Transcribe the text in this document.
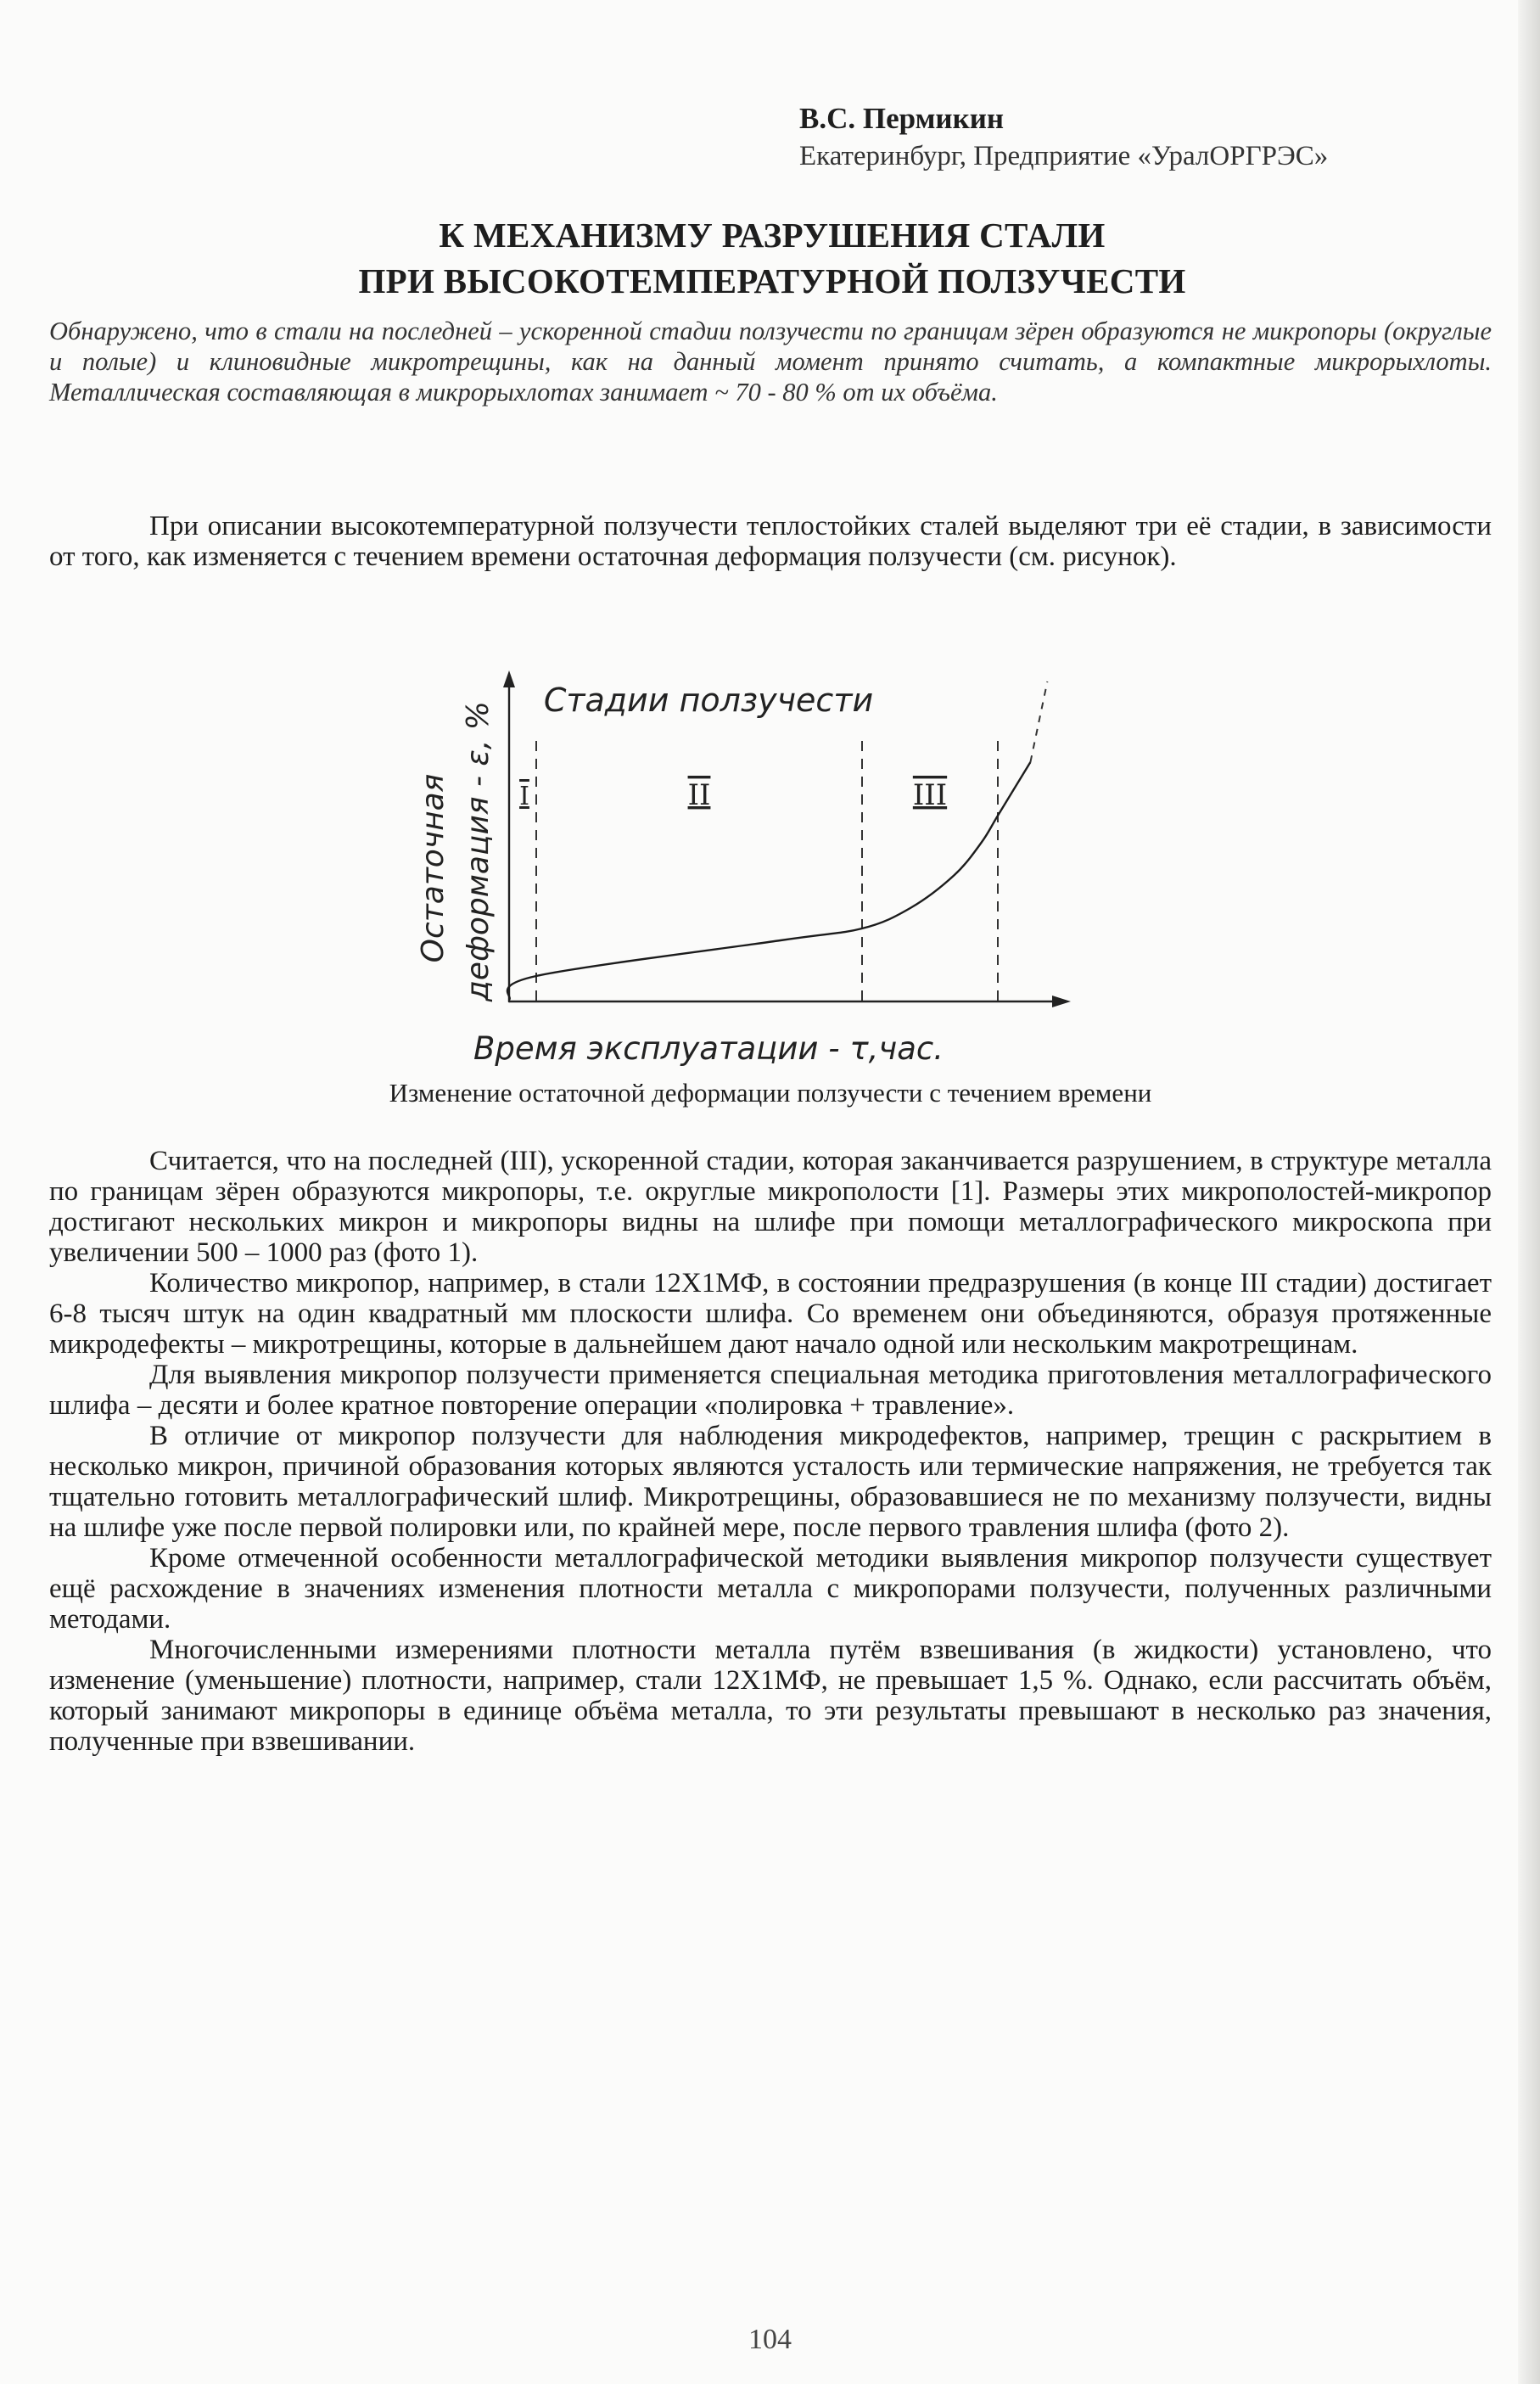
В.С. Пермикин
Екатеринбург, Предприятие «УралОРГРЭС»
К МЕХАНИЗМУ РАЗРУШЕНИЯ СТАЛИ
ПРИ ВЫСОКОТЕМПЕРАТУРНОЙ ПОЛЗУЧЕСТИ
Обнаружено, что в стали на последней – ускоренной стадии ползучести по границам зёрен образуются не микропоры (округлые и полые) и клиновидные микротрещины, как на данный момент принято считать, а компактные микрорыхлоты. Металлическая составляющая в микрорыхлотах занимает ~ 70 - 80 % от их объёма.

При описании высокотемпературной ползучести теплостойких сталей выделяют три её стадии, в зависимости от того, как изменяется с течением времени остаточная деформация ползучести (см. рисунок).

Стадии ползучести
Остаточная деформация - ε, %
Время эксплуатации - τ,час.
I	II	III
Изменение остаточной деформации ползучести с течением времени

Считается, что на последней (III), ускоренной стадии, которая заканчивается разрушением, в структуре металла по границам зёрен образуются микропоры, т.е. округлые микрополости [1]. Размеры этих микрополостей-микропор достигают нескольких микрон и микропоры видны на шлифе при помощи металлографического микроскопа при увеличении 500 – 1000 раз (фото 1).

Количество микропор, например, в стали 12Х1МФ, в состоянии предразрушения (в конце III стадии) достигает 6-8 тысяч штук на один квадратный мм плоскости шлифа. Со временем они объединяются, образуя протяженные микродефекты – микротрещины, которые в дальнейшем дают начало одной или нескольким макротрещинам.

Для выявления микропор ползучести применяется специальная методика приготовления металлографического шлифа – десяти и более кратное повторение операции «полировка + травление».

В отличие от микропор ползучести для наблюдения микродефектов, например, трещин с раскрытием в несколько микрон, причиной образования которых являются усталость или термические напряжения, не требуется так тщательно готовить металлографический шлиф. Микротрещины, образовавшиеся не по механизму ползучести, видны на шлифе уже после первой полировки или, по крайней мере, после первого травления шлифа (фото 2).

Кроме отмеченной особенности металлографической методики выявления микропор ползучести существует ещё расхождение в значениях изменения плотности металла с микропорами ползучести, полученных различными методами.

Многочисленными измерениями плотности металла путём взвешивания (в жидкости) установлено, что изменение (уменьшение) плотности, например, стали 12Х1МФ, не превышает 1,5 %. Однако, если рассчитать объём, который занимают микропоры в единице объёма металла, то эти результаты превышают в несколько раз значения, полученные при взвешивании.

104
